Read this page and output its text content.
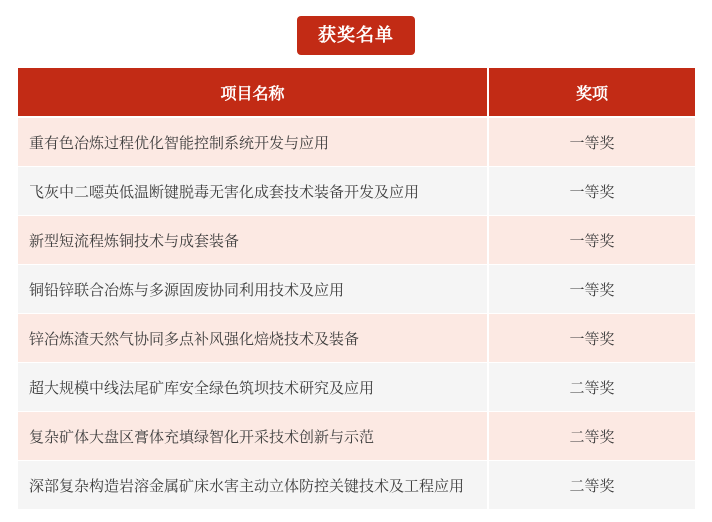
获奖名单
项目名称	奖项
重有色冶炼过程优化智能控制系统开发与应用	一等奖
飞灰中二噁英低温断键脱毒无害化成套技术装备开发及应用	一等奖
新型短流程炼铜技术与成套装备	一等奖
铜铅锌联合冶炼与多源固废协同利用技术及应用	一等奖
锌冶炼渣天然气协同多点补风强化焙烧技术及装备	一等奖
超大规模中线法尾矿库安全绿色筑坝技术研究及应用	二等奖
复杂矿体大盘区膏体充填绿智化开采技术创新与示范	二等奖
深部复杂构造岩溶金属矿床水害主动立体防控关键技术及工程应用	二等奖
